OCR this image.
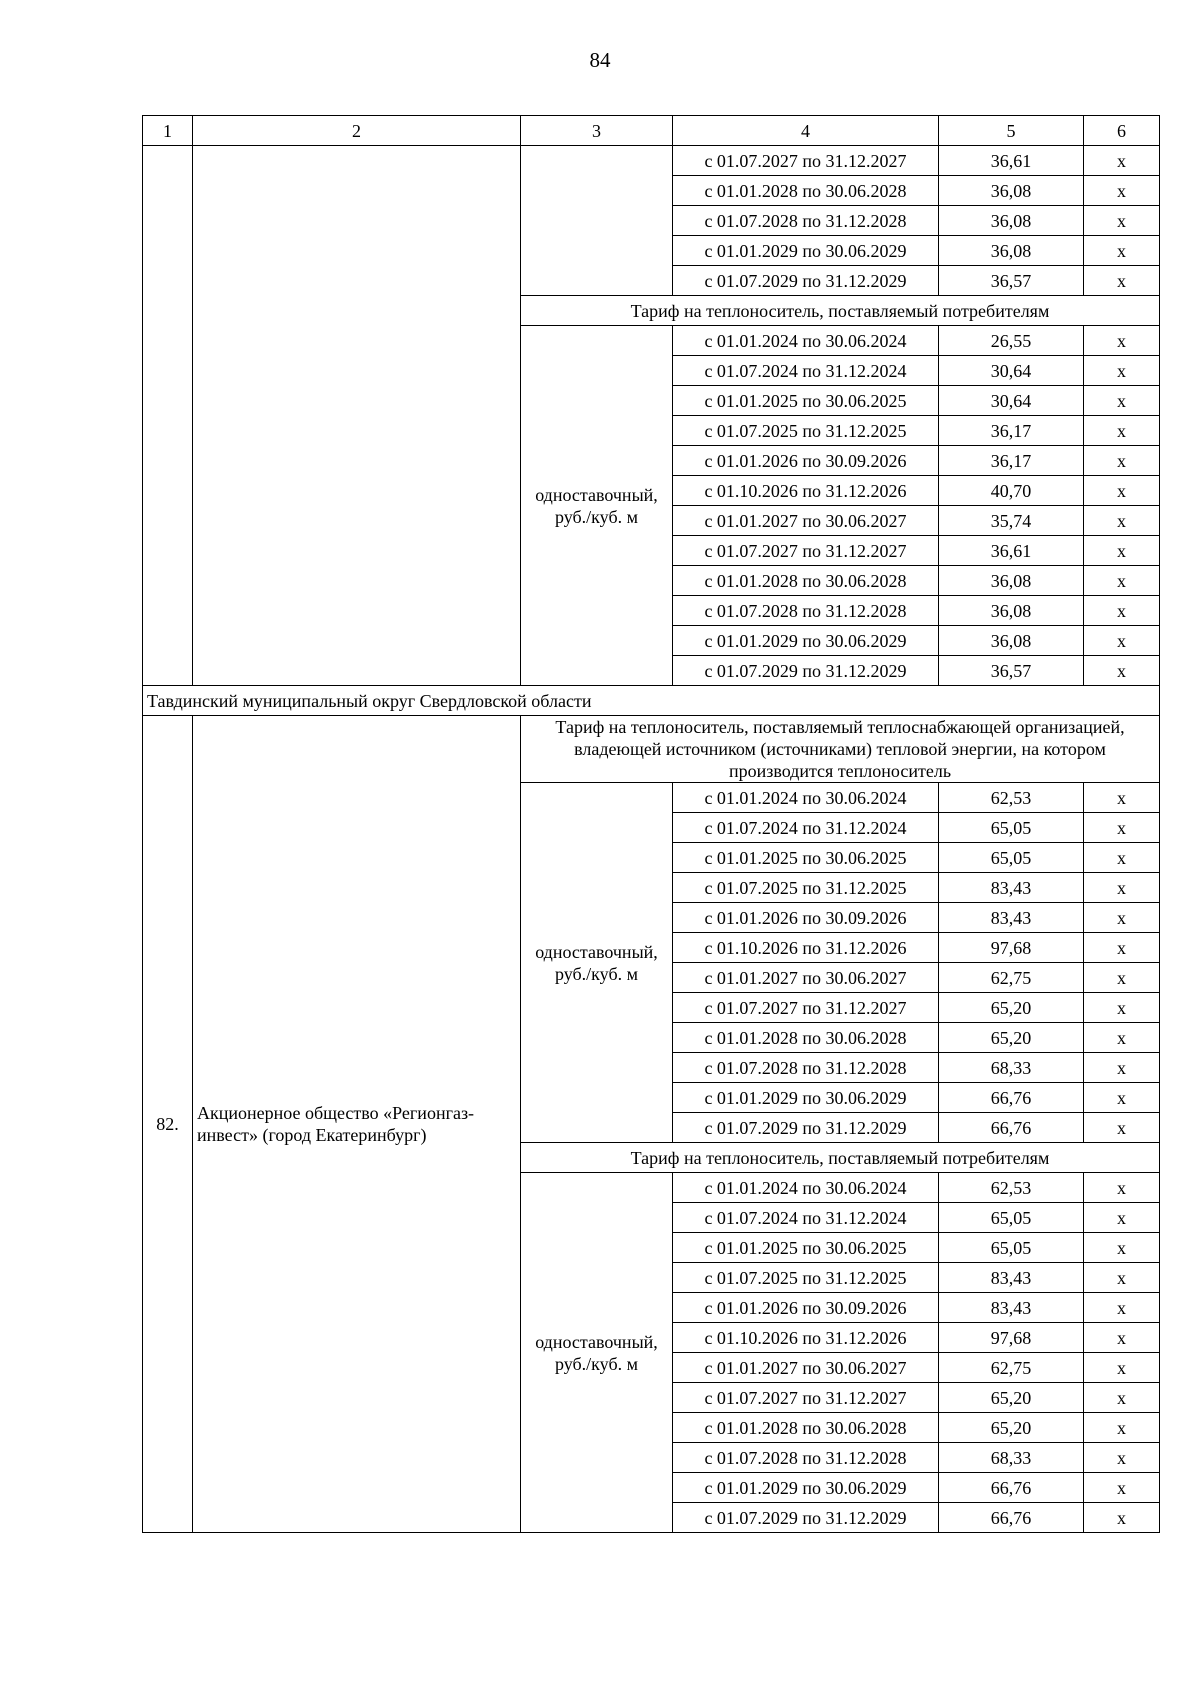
84
1	2	3	4	5	6
			с 01.07.2027 по 31.12.2027	36,61	х
			с 01.01.2028 по 30.06.2028	36,08	х
			с 01.07.2028 по 31.12.2028	36,08	х
			с 01.01.2029 по 30.06.2029	36,08	х
			с 01.07.2029 по 31.12.2029	36,57	х
		Тариф на теплоноситель, поставляемый потребителям			
		одноставочный, руб./куб. м	с 01.01.2024 по 30.06.2024	26,55	х
			с 01.07.2024 по 31.12.2024	30,64	х
			с 01.01.2025 по 30.06.2025	30,64	х
			с 01.07.2025 по 31.12.2025	36,17	х
			с 01.01.2026 по 30.09.2026	36,17	х
			с 01.10.2026 по 31.12.2026	40,70	х
			с 01.01.2027 по 30.06.2027	35,74	х
			с 01.07.2027 по 31.12.2027	36,61	х
			с 01.01.2028 по 30.06.2028	36,08	х
			с 01.07.2028 по 31.12.2028	36,08	х
			с 01.01.2029 по 30.06.2029	36,08	х
			с 01.07.2029 по 31.12.2029	36,57	х
Тавдинский муниципальный округ Свердловской области					
82.	Акционерное общество «Регионгаз-инвест» (город Екатеринбург)	Тариф на теплоноситель, поставляемый теплоснабжающей организацией, владеющей источником (источниками) тепловой энергии, на котором производится теплоноситель			
		одноставочный, руб./куб. м	с 01.01.2024 по 30.06.2024	62,53	х
			с 01.07.2024 по 31.12.2024	65,05	х
			с 01.01.2025 по 30.06.2025	65,05	х
			с 01.07.2025 по 31.12.2025	83,43	х
			с 01.01.2026 по 30.09.2026	83,43	х
			с 01.10.2026 по 31.12.2026	97,68	х
			с 01.01.2027 по 30.06.2027	62,75	х
			с 01.07.2027 по 31.12.2027	65,20	х
			с 01.01.2028 по 30.06.2028	65,20	х
			с 01.07.2028 по 31.12.2028	68,33	х
			с 01.01.2029 по 30.06.2029	66,76	х
			с 01.07.2029 по 31.12.2029	66,76	х
		Тариф на теплоноситель, поставляемый потребителям			
		одноставочный, руб./куб. м	с 01.01.2024 по 30.06.2024	62,53	х
			с 01.07.2024 по 31.12.2024	65,05	х
			с 01.01.2025 по 30.06.2025	65,05	х
			с 01.07.2025 по 31.12.2025	83,43	х
			с 01.01.2026 по 30.09.2026	83,43	х
			с 01.10.2026 по 31.12.2026	97,68	х
			с 01.01.2027 по 30.06.2027	62,75	х
			с 01.07.2027 по 31.12.2027	65,20	х
			с 01.01.2028 по 30.06.2028	65,20	х
			с 01.07.2028 по 31.12.2028	68,33	х
			с 01.01.2029 по 30.06.2029	66,76	х
			с 01.07.2029 по 31.12.2029	66,76	х
